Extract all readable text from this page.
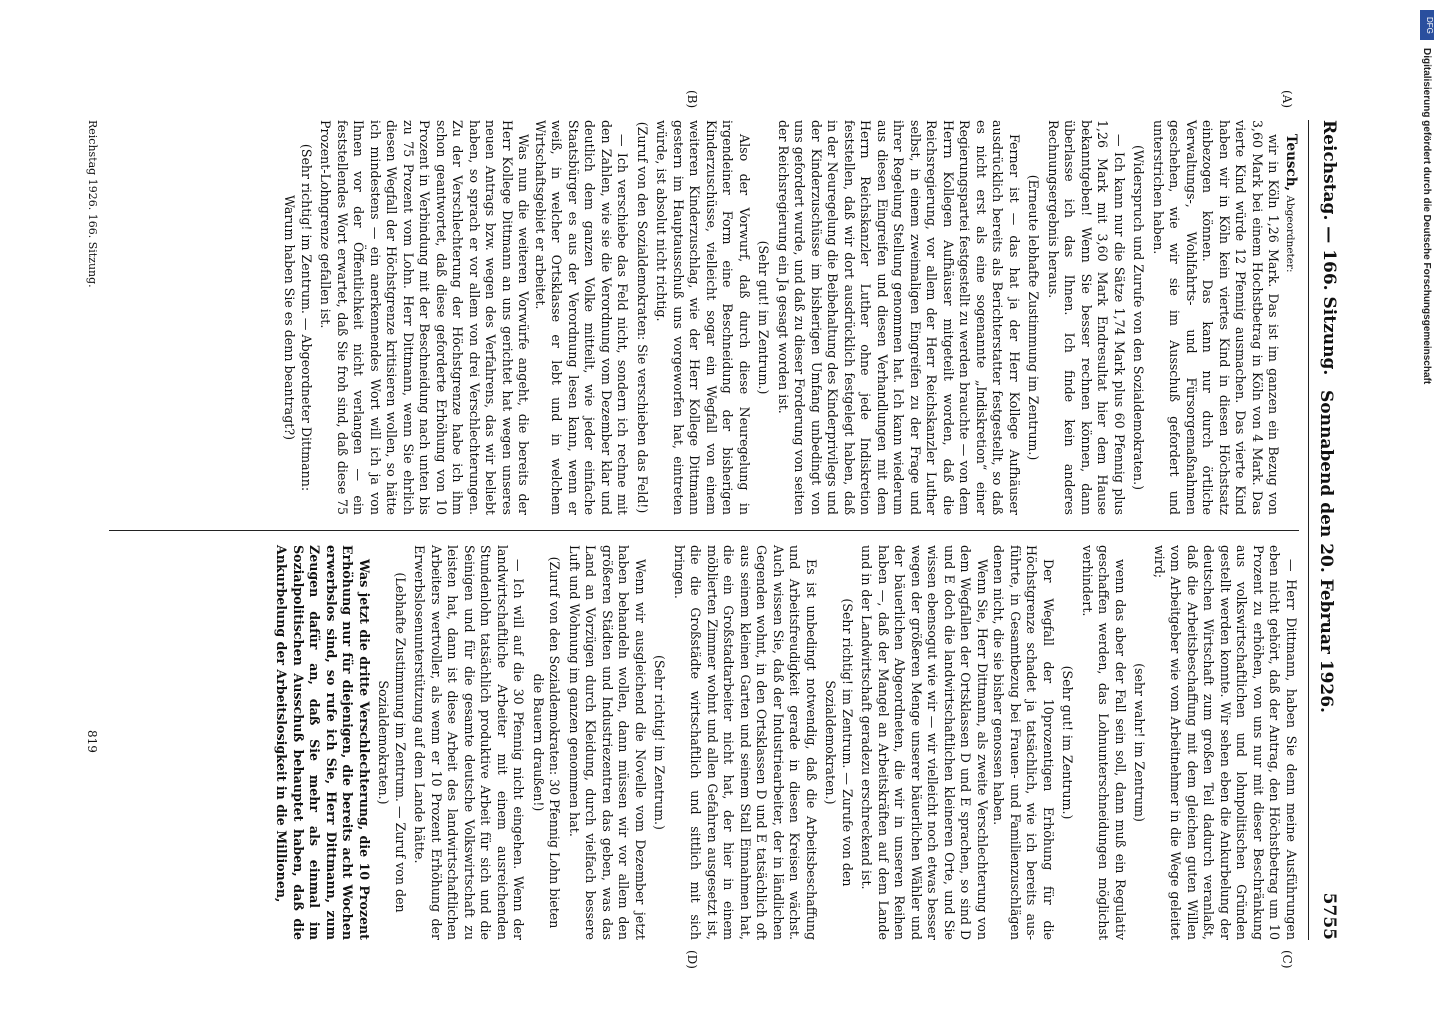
Reichstag. — 166. Sitzung.
Sonnabend den 20. Februar 1926.
5755
(A)
(B)
(C)
(D)
Teusch, Abgeordneter:

wir in Köln 1,26 Mark. Das ist im ganzen ein Bezug von 3,60 Mark bei einem Hochstbetrag in Köln von 4 Mark. Das vierte Kind würde 12 Pfennig ausmachen. Das vierte Kind haben wir in Köln kein viertes Kind in diesen Höchstsatz einbezogen können. Das kann nur durch örtliche Verwaltungs-, Wohlfahrts- und Fürsorgemaßnahmen geschehen, wie wir sie im Ausschuß gefordert und unterstrichen haben.

(Widerspruch und Zurufe von den Sozialdemokraten.)

— Ich kann nur die Sätze 1,74 Mark plus 60 Pfennig plus 1,26 Mark mit 3,60 Mark Endresultat hier dem Hause bekanntgeben! Wenn Sie besser rechnen können, dann überlasse ich das Ihnen. Ich finde kein anderes Rechnungsergebnis heraus.

(Erneute lebhafte Zustimmung im Zentrum.)

Ferner ist — das hat ja der Herr Kollege Aufhäuser ausdrücklich bereits als Berichterstatter festgestellt, so daß es nicht erst als eine sogenannte „Indiskretion“ einer Regierungspartei festgestellt zu werden brauchte — von dem Herrn Kollegen Aufhäuser mitgeteilt worden, daß die Reichsregierung, vor allem der Herr Reichskanzler Luther selbst, in einem zweimaligen Eingreifen zu der Frage und ihrer Regelung Stellung genommen hat. Ich kann wiederum aus diesen Eingreifen und diesen Verhandlungen mit dem Herrn Reichskanzler Luther ohne jede Indiskretion feststellen, daß wir dort ausdrücklich festgelegt haben, daß in der Neuregelung die Beibehaltung des Kinderprivilegs und der Kinderzuschüsse im bisherigen Umfang unbedingt von uns gefordert wurde, und daß zu dieser Forderung von seiten der Reichsregierung ein Ja gesagt worden ist.

(Sehr gut! im Zentrum.)

Also der Vorwurf, daß durch diese Neuregelung in irgendeiner Form eine Beschneidung der bisherigen Kinderzuschüsse, vielleicht sogar ein Wegfall von einem weiteren Kinderzuschlag, wie der Herr Kollege Dittmann gestern im Hauptausschuß uns vorgeworfen hat, eintreten würde, ist absolut nicht richtig.

(Zuruf von den Sozialdemokraten: Sie verschieben das Feld!)

— Ich verschiebe das Feld nicht, sondern ich rechne mit den Zahlen, wie sie die Verordnung vom Dezember klar und deutlich dem ganzen Volke mitteilt, wie jeder einfache Staatsbürger es aus der Verordnung lesen kann, wenn er weiß, in welcher Ortsklasse er lebt und in welchem Wirtschaftsgebiet er arbeitet.

Was nun die weiteren Vorwürfe angeht, die bereits der Herr Kollege Dittmann an uns gerichtet hat wegen unseres neuen Antrags bzw. wegen des Verfahrens, das wir beliebt haben, so sprach er vor allem von drei Verschlechterungen. Zu der Verschlechterung der Höchstgrenze habe ich ihm schon geantwortet, daß diese geforderte Erhöhung von 10 Prozent in Verbindung mit der Beschneidung nach unten bis zu 75 Prozent vom Lohn. Herr Dittmann, wenn Sie ehrlich diesen Wegfall der Höchstgrenze kritisieren wollen, so hätte ich mindestens — ein anerkennendes Wort will ich ja von Ihnen vor der Öffentlichkeit nicht verlangen — ein feststellendes Wort erwartet, daß Sie froh sind, daß diese 75 Prozent-Lohngrenze gefallen ist.

(Sehr richtig! im Zentrum. — Abgeordneter Dittmann: Warum haben Sie es denn beantragt?)

— Herr Dittmann, haben Sie denn meine Ausführungen eben nicht gehört, daß der Antrag, den Höchstbetrag um 10 Prozent zu erhöhen, von uns nur mit dieser Beschränkung aus volkswirtschaftlichen und lohnpolitischen Gründen gestellt werden konnte. Wir sehen eben die Ankurbelung der deutschen Wirtschaft zum großen Teil dadurch veranlaßt, daß die Arbeitsbeschaffung mit dem gleichen guten Willen vom Arbeitgeber wie vom Arbeitnehmer in die Wege geleitet wird;

(sehr wahr! im Zentrum)

wenn das aber der Fall sein soll, dann muß ein Regulativ geschaffen werden, das Lohnunterschneidungen möglichst verhindert.

(Sehr gut! im Zentrum.)

Der Wegfall der 10prozentigen Erhöhung für die Höchstgrenze schadet ja tatsächlich, wie ich bereits ausführte, in Gesamtbezug bei Frauen- und Familienzuschlägen denen nicht, die sie bisher genossen haben.

Wenn Sie, Herr Dittmann, als zweite Verschlechterung von dem Wegfallen der Ortsklassen D und E sprachen, so sind D und E doch die landwirtschaftlichen kleineren Orte, und Sie wissen ebensogut wie wir — wir vielleicht noch etwas besser wegen der größeren Menge unserer bäuerlichen Wähler und der bäuerlichen Abgeordneten, die wir in unseren Reihen haben —, daß der Mangel an Arbeitskräften auf dem Lande und in der Landwirtschaft geradezu erschreckend ist.

(Sehr richtig! im Zentrum. — Zurufe von den Sozialdemokraten.)

Es ist unbedingt notwendig, daß die Arbeitsbeschaffung und Arbeitsfreudigkeit gerade in diesen Kreisen wächst. Auch wissen Sie, daß der Industriearbeiter, der in ländlichen Gegenden wohnt, in den Ortsklassen D und E tatsächlich oft aus seinem kleinen Garten und seinem Stall Einnahmen hat, die ein Großstadtarbeiter nicht hat, der hier in einem möblierten Zimmer wohnt und allen Gefahren ausgesetzt ist, die die Großstädte wirtschaftlich und sittlich mit sich bringen.

(Sehr richtig! im Zentrum.)

Wenn wir ausgleichend die Novelle vom Dezember jetzt haben behandeln wollen, dann müssen wir vor allem den größeren Städten und Industriezentren das geben, was das Land an Vorzügen durch Kleidung, durch vielfach bessere Luft und Wohnung im ganzen genommen hat.

(Zuruf von den Sozialdemokraten: 30 Pfennig Lohn bieten die Bauern draußen!)

— Ich will auf die 30 Pfennig nicht eingehen. Wenn der landwirtschaftliche Arbeiter mit einem ausreichenden Stundenlohn tatsächlich produktive Arbeit für sich und die Seinigen und für die gesamte deutsche Volkswirtschaft zu leisten hat, dann ist diese Arbeit des landwirtschaftlichen Arbeiters wertvoller, als wenn er 10 Prozent Erhöhung der Erwerbslosenunterstützung auf dem Lande hätte.

(Lebhafte Zustimmung im Zentrum. — Zuruf von den Sozialdemokraten.)

Was jetzt die dritte Verschlechterung, die 10 Prozent Erhöhung nur für diejenigen, die bereits acht Wochen erwerbslos sind, so rufe ich Sie, Herr Dittmann, zum Zeugen dafür an, daß Sie mehr als einmal im Sozialpolitischen Ausschuß behauptet haben, daß die Ankurbelung der Arbeitslosigkeit in die Millionen,

Reichstag 1926. 166. Sitzung.
819
DFG
Digitalisierung gefördert durch die Deutsche Forschungsgemeinschaft
